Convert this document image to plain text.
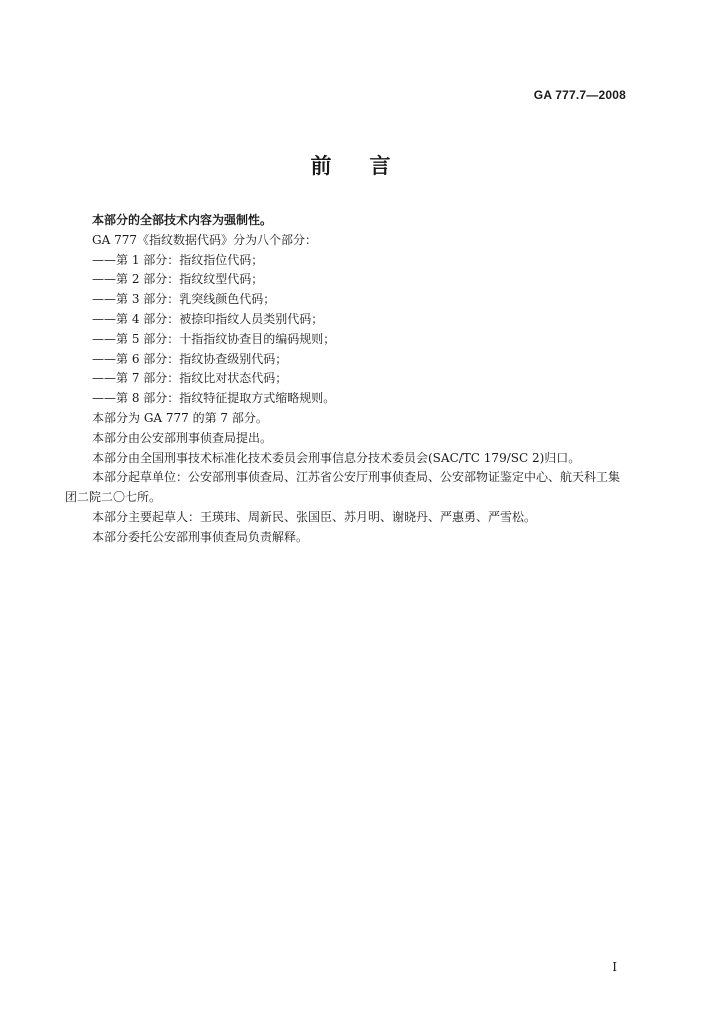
GA 777.7—2008
前言
本部分的全部技术内容为强制性。
GA 777《指纹数据代码》分为八个部分：
——第 1 部分：指纹指位代码；
——第 2 部分：指纹纹型代码；
——第 3 部分：乳突线颜色代码；
——第 4 部分：被捺印指纹人员类别代码；
——第 5 部分：十指指纹协查目的编码规则；
——第 6 部分：指纹协查级别代码；
——第 7 部分：指纹比对状态代码；
——第 8 部分：指纹特征提取方式缩略规则。
本部分为 GA 777 的第 7 部分。
本部分由公安部刑事侦查局提出。
本部分由全国刑事技术标准化技术委员会刑事信息分技术委员会(SAC/TC 179/SC 2)归口。
本部分起草单位：公安部刑事侦查局、江苏省公安厅刑事侦查局、公安部物证鉴定中心、航天科工集
团二院二〇七所。
本部分主要起草人：王瑛玮、周新民、张国臣、苏月明、谢晓丹、严惠勇、严雪松。
本部分委托公安部刑事侦查局负责解释。
I
